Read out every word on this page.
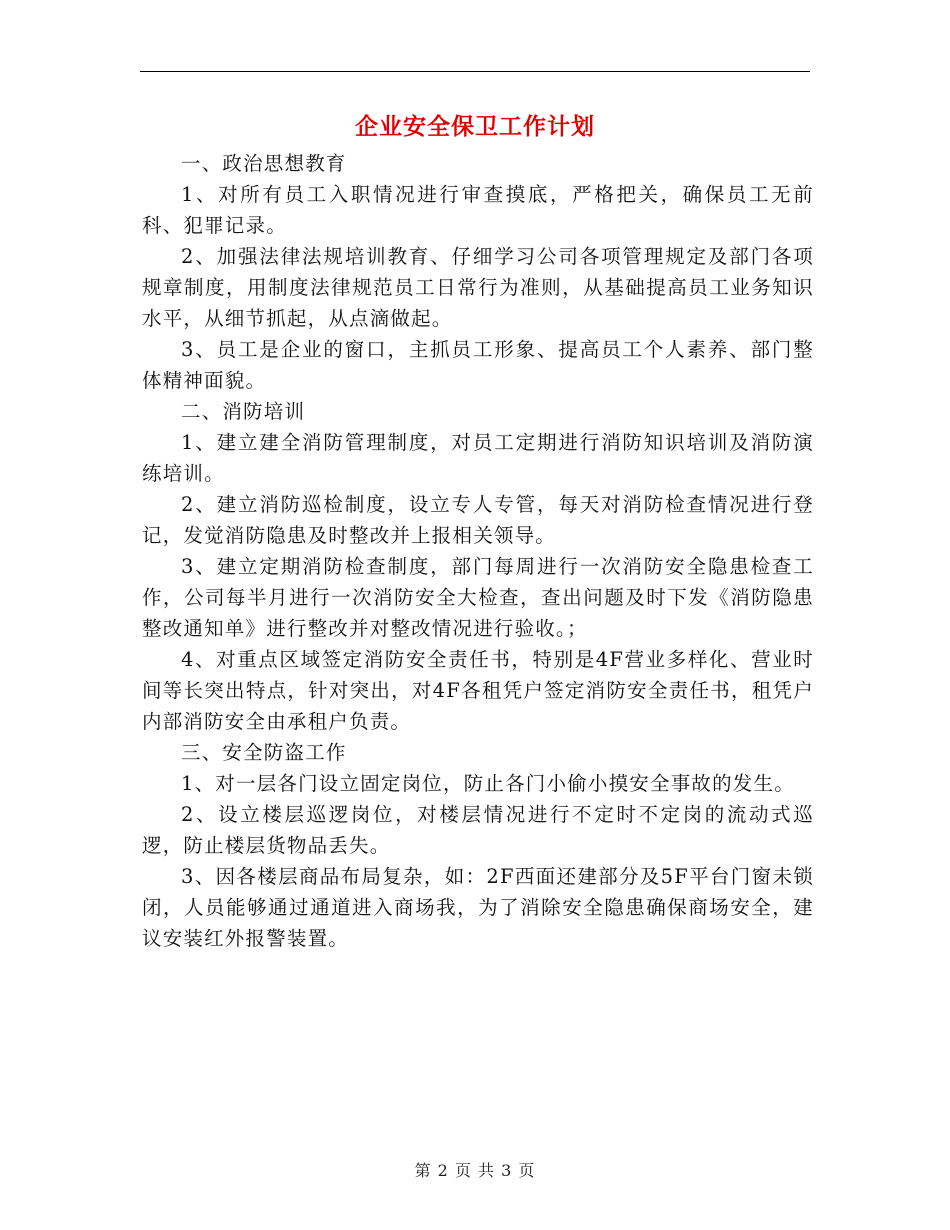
企业安全保卫工作计划

一、政治思想教育

1、对所有员工入职情况进行审查摸底，严格把关，确保员工无前科、犯罪记录。

2、加强法律法规培训教育、仔细学习公司各项管理规定及部门各项规章制度，用制度法律规范员工日常行为准则，从基础提高员工业务知识水平，从细节抓起，从点滴做起。

3、员工是企业的窗口，主抓员工形象、提高员工个人素养、部门整体精神面貌。

二、消防培训

1、建立建全消防管理制度，对员工定期进行消防知识培训及消防演练培训。

2、建立消防巡检制度，设立专人专管，每天对消防检查情况进行登记，发觉消防隐患及时整改并上报相关领导。

3、建立定期消防检查制度，部门每周进行一次消防安全隐患检查工作，公司每半月进行一次消防安全大检查，查出问题及时下发《消防隐患整改通知单》进行整改并对整改情况进行验收。；

4、对重点区域签定消防安全责任书，特别是4F营业多样化、营业时间等长突出特点，针对突出，对4F各租凭户签定消防安全责任书，租凭户内部消防安全由承租户负责。

三、安全防盗工作

1、对一层各门设立固定岗位，防止各门小偷小摸安全事故的发生。

2、设立楼层巡逻岗位，对楼层情况进行不定时不定岗的流动式巡逻，防止楼层货物品丢失。

3、因各楼层商品布局复杂，如：2F西面还建部分及5F平台门窗未锁闭，人员能够通过通道进入商场我，为了消除安全隐患确保商场安全，建议安装红外报警装置。

第 2 页 共 3 页
